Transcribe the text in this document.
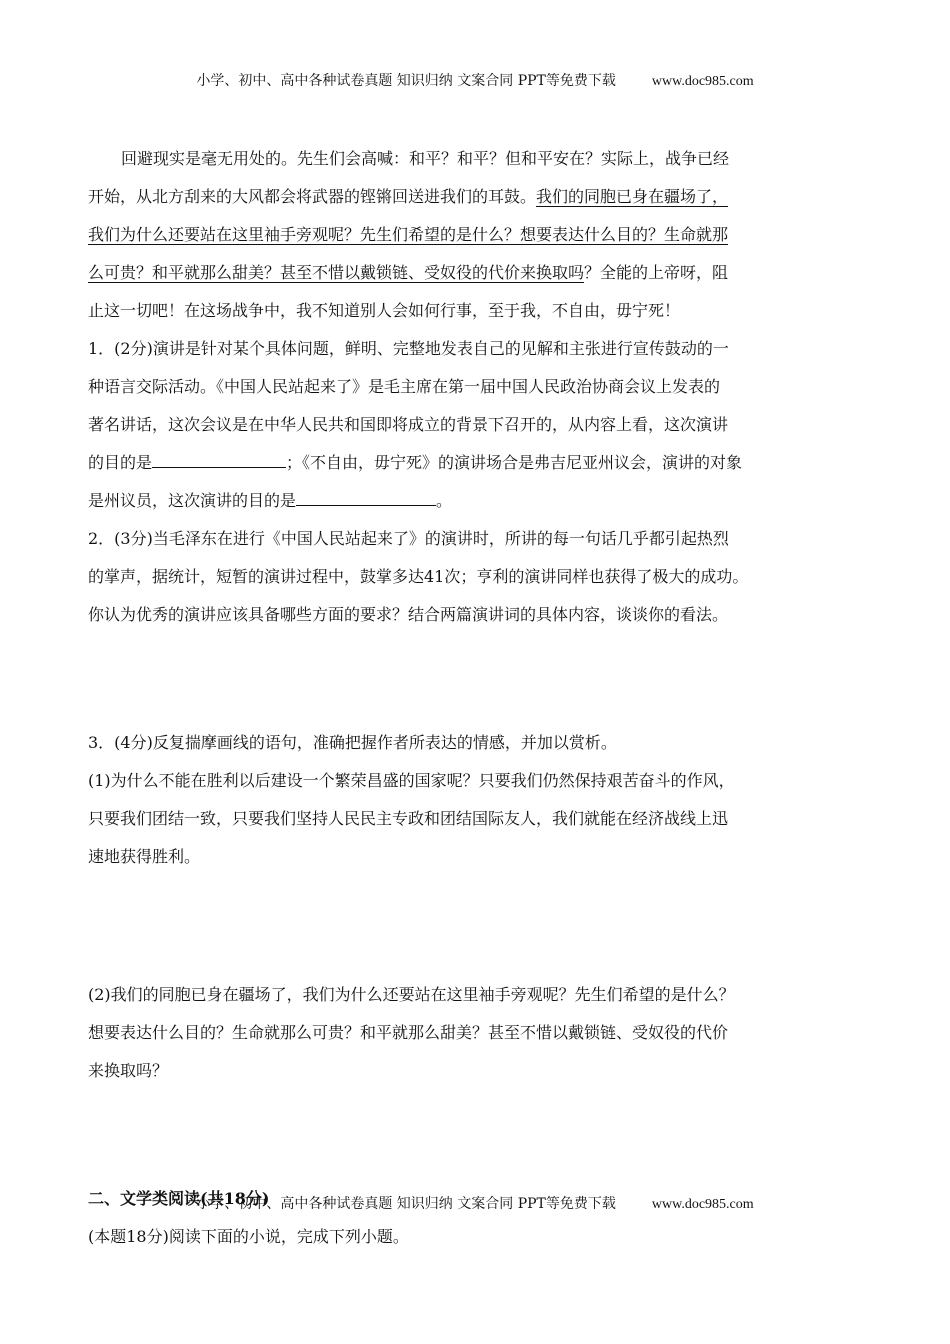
小学、初中、高中各种试卷真题 知识归纳 文案合同 PPT等免费下载	www.doc985.com
回避现实是毫无用处的。先生们会高喊：和平？和平？但和平安在？实际上，战争已经
开始，从北方刮来的大风都会将武器的铿锵回送进我们的耳鼓。我们的同胞已身在疆场了，
我们为什么还要站在这里袖手旁观呢？先生们希望的是什么？想要表达什么目的？生命就那
么可贵？和平就那么甜美？甚至不惜以戴锁链、受奴役的代价来换取吗？全能的上帝呀，阻
止这一切吧！在这场战争中，我不知道别人会如何行事，至于我，不自由，毋宁死！
1．(2分)演讲是针对某个具体问题，鲜明、完整地发表自己的见解和主张进行宣传鼓动的一
种语言交际活动。《中国人民站起来了》是毛主席在第一届中国人民政治协商会议上发表的
著名讲话，这次会议是在中华人民共和国即将成立的背景下召开的，从内容上看，这次演讲
的目的是	；《不自由，毋宁死》的演讲场合是弗吉尼亚州议会，演讲的对象
是州议员，这次演讲的目的是	。
2．(3分)当毛泽东在进行《中国人民站起来了》的演讲时，所讲的每一句话几乎都引起热烈
的掌声，据统计，短暂的演讲过程中，鼓掌多达41次；亨利的演讲同样也获得了极大的成功。
你认为优秀的演讲应该具备哪些方面的要求？结合两篇演讲词的具体内容，谈谈你的看法。
3．(4分)反复揣摩画线的语句，准确把握作者所表达的情感，并加以赏析。
(1)为什么不能在胜利以后建设一个繁荣昌盛的国家呢？只要我们仍然保持艰苦奋斗的作风，
只要我们团结一致，只要我们坚持人民民主专政和团结国际友人，我们就能在经济战线上迅
速地获得胜利。
(2)我们的同胞已身在疆场了，我们为什么还要站在这里袖手旁观呢？先生们希望的是什么？
想要表达什么目的？生命就那么可贵？和平就那么甜美？甚至不惜以戴锁链、受奴役的代价
来换取吗？
二、文学类阅读(共18分)
(本题18分)阅读下面的小说，完成下列小题。
小学、初中、高中各种试卷真题 知识归纳 文案合同 PPT等免费下载	www.doc985.com
